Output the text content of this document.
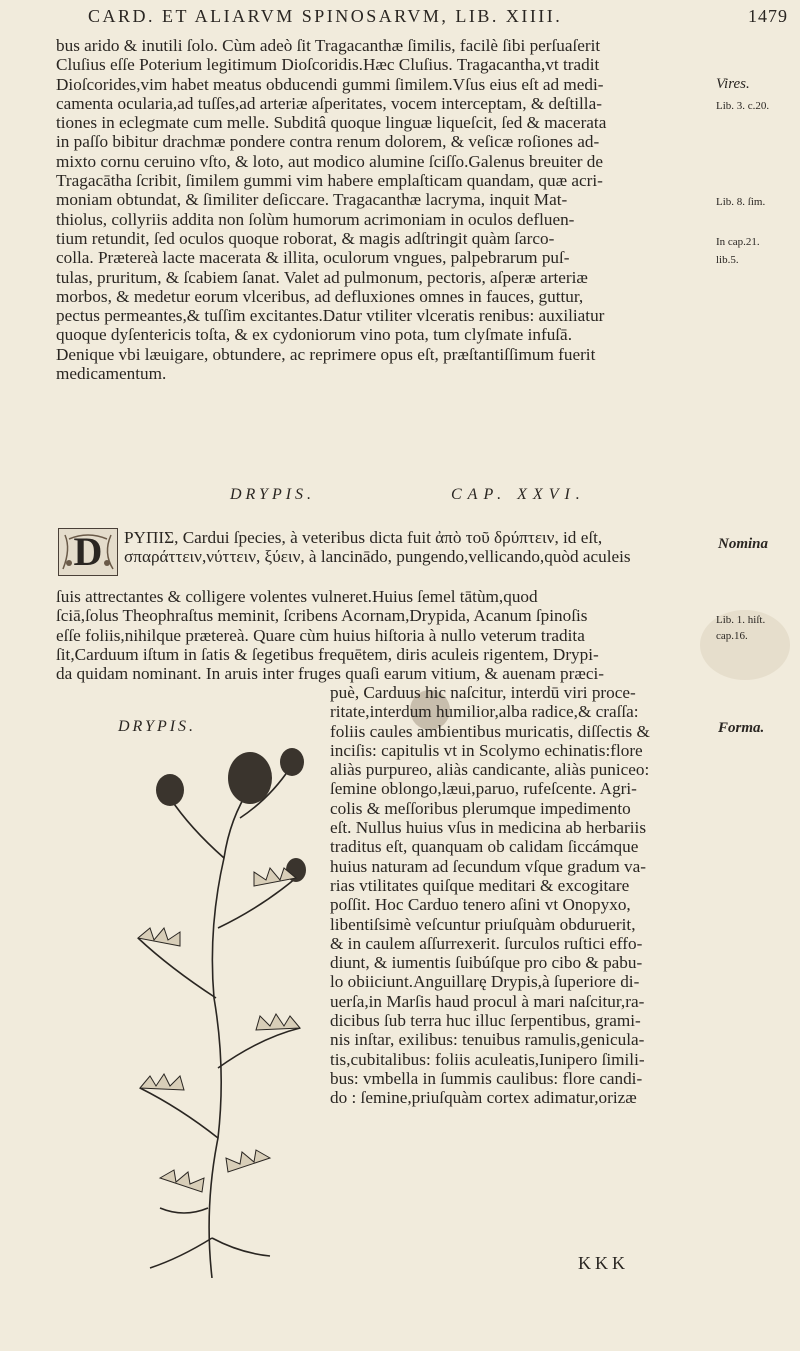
CARD. ET ALIARVM SPINOSARVM, LIB. XIIII.	1479
bus arido & inutili ſolo. Cùm adeò ſit Tragacanthæ ſimilis, facilè ſibi perſuaſerit
Cluſius eſſe Poterium legitimum Dioſcoridis.Hæc Cluſius. Tragacantha,vt tradit
Dioſcorides,vim habet meatus obducendi gummi ſimilem.Vſus eius eſt ad medi-
camenta ocularia,ad tuſſes,ad arteriæ aſperitates, vocem interceptam, & deſtilla-
tiones in eclegmate cum melle. Subditâ quoque linguæ liqueſcit, ſed & macerata
in paſſo bibitur drachmæ pondere contra renum dolorem, & veſicæ roſiones ad-
mixto cornu ceruino vſto, & loto, aut modico alumine ſciſſo.Galenus breuiter de
Tragacātha ſcribit, ſimilem gummi vim habere emplaſticam quandam, quæ acri-
moniam obtundat, & ſimiliter deſiccare. Tragacanthæ lacryma, inquit Mat-
thiolus, collyriis addita non ſolùm humorum acrimoniam in oculos defluen-
tium retundit, ſed oculos quoque roborat, & magis adſtringit quàm ſarco-
colla. Prætereà lacte macerata & illita, oculorum vngues, palpebrarum puſ-
tulas, pruritum, & ſcabiem ſanat. Valet ad pulmonum, pectoris, aſperæ arteriæ
morbos, & medetur eorum vlceribus, ad defluxiones omnes in fauces, guttur,
pectus permeantes,& tuſſim excitantes.Datur vtiliter vlceratis renibus: auxiliatur
quoque dyſentericis toſta, & ex cydoniorum vino pota, tum clyſmate infuſā.
Denique vbi læuigare, obtundere, ac reprimere opus eſt, præſtantiſſimum fuerit
medicamentum.
Vires.
Lib. 3. c.20.
Lib. 8. ſim.
In cap.21.
lib.5.
Nomina
Lib. 1. hiſt.
cap.16.
Forma.
DRYPIS.	CAP. XXVI.
D	ΡΥΠΙΣ, Cardui ſpecies, à veteribus dicta fuit ἀπὸ τοῦ δρύπτειν, id eſt,
σπαράττειν,νύττειν, ξύειν, à lancinādo, pungendo,vellicando,quòd aculeis
ſuis attrectantes & colligere volentes vulneret.Huius ſemel tātùm,quod
ſciā,ſolus Theophraſtus meminit, ſcribens Acornam,Drypida, Acanum ſpinoſis
eſſe foliis,nihilque prætereà. Quare cùm huius hiſtoria à nullo veterum tradita
ſit,Carduum iſtum in ſatis & ſegetibus frequētem, diris aculeis rigentem, Drypi-
da quidam nominant. In aruis inter fruges quaſi earum vitium, & auenam præci-
DRYPIS.
puè, Carduus hic naſcitur, interdū viri proce-
ritate,interdum humilior,alba radice,& craſſa:
foliis caules ambientibus muricatis, diſſectis &
inciſis: capitulis vt in Scolymo echinatis:flore
aliàs purpureo, aliàs candicante, aliàs puniceo:
ſemine oblongo,læui,paruo, rufeſcente. Agri-
colis & meſſoribus plerumque impedimento
eſt. Nullus huius vſus in medicina ab herbariis
traditus eſt, quanquam ob calidam ſiccámque
huius naturam ad ſecundum vſque gradum va-
rias vtilitates quiſque meditari & excogitare
poſſit. Hoc Carduo tenero aſini vt Onopyxo,
libentiſsimè veſcuntur priuſquàm obduruerit,
& in caulem aſſurrexerit. ſurculos ruſtici effo-
diunt, & iumentis ſuibúſque pro cibo & pabu-
lo obiiciunt.Anguillarę Drypis,à ſuperiore di-
uerſa,in Marſis haud procul à mari naſcitur,ra-
dicibus ſub terra huc illuc ſerpentibus, grami-
nis inſtar, exilibus: tenuibus ramulis,genicula-
tis,cubitalibus: foliis aculeatis,Iunipero ſimili-
bus: vmbella in ſummis caulibus: flore candi-
do : ſemine,priuſquàm cortex adimatur,orizæ
KKK
